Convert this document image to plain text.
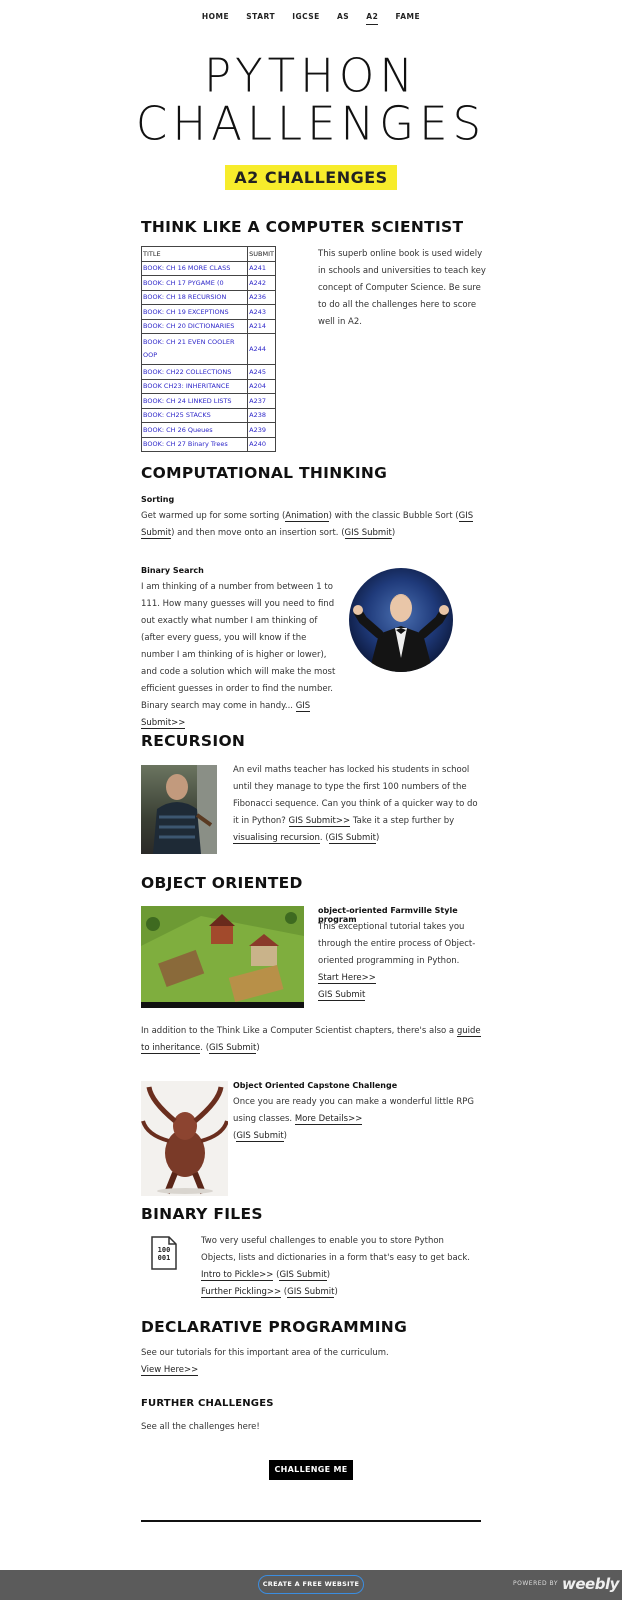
HOME START IGCSE AS A2 FAME
PYTHON
CHALLENGES
A2 CHALLENGES
THINK LIKE A COMPUTER SCIENTIST
TITLE	SUBMIT
BOOK: CH 16 MORE CLASS	A241
BOOK: CH 17 PYGAME (0	A242
BOOK: CH 18 RECURSION	A236
BOOK: CH 19 EXCEPTIONS	A243
BOOK: CH 20 DICTIONARIES	A214
BOOK: CH 21 EVEN COOLER OOP	A244
BOOK: CH22 COLLECTIONS	A245
BOOK CH23: INHERITANCE	A204
BOOK: CH 24 LINKED LISTS	A237
BOOK: CH25 STACKS	A238
BOOK: CH 26 Queues	A239
BOOK: CH 27 Binary Trees	A240
This superb online book is used widely in schools and universities to teach key concept of Computer Science. Be sure to do all the challenges here to score well in A2.
COMPUTATIONAL THINKING
Sorting
Get warmed up for some sorting (Animation) with the classic Bubble Sort (GIS Submit) and then move onto an insertion sort. (GIS Submit)
Binary Search
I am thinking of a number from between 1 to 111. How many guesses will you need to find out exactly what number I am thinking of (after every guess, you will know if the number I am thinking of is higher or lower), and code a solution which will make the most efficient guesses in order to find the number. Binary search may come in handy... GIS Submit>>
RECURSION
An evil maths teacher has locked his students in school until they manage to type the first 100 numbers of the Fibonacci sequence. Can you think of a quicker way to do it in Python? GIS Submit>> Take it a step further by visualising recursion. (GIS Submit)
OBJECT ORIENTED
object-oriented Farmville Style program
This exceptional tutorial takes you through the entire process of Object-oriented programming in Python.
Start Here>>
GIS Submit
In addition to the Think Like a Computer Scientist chapters, there's also a guide to inheritance. (GIS Submit)
Object Oriented Capstone Challenge
Once you are ready you can make a wonderful little RPG using classes. More Details>>
(GIS Submit)
BINARY FILES
100
001
Two very useful challenges to enable you to store Python Objects, lists and dictionaries in a form that's easy to get back.
Intro to Pickle>> (GIS Submit)
Further Pickling>> (GIS Submit)
DECLARATIVE PROGRAMMING
See our tutorials for this important area of the curriculum.
View Here>>
FURTHER CHALLENGES
See all the challenges here!
CHALLENGE ME
CREATE A FREE WEBSITE	POWERED BY weebly
